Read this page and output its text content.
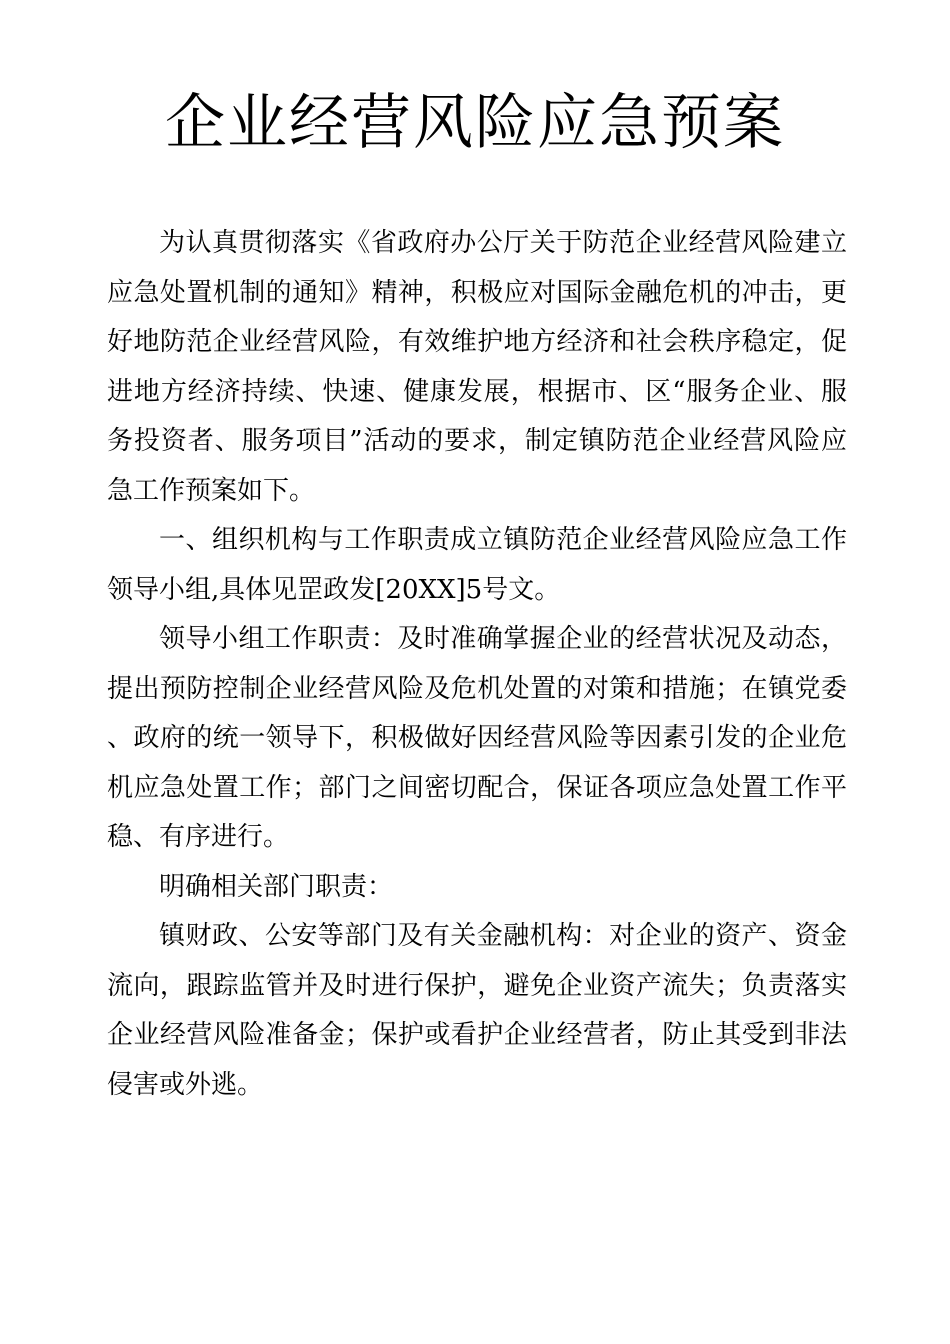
企业经营风险应急预案

为认真贯彻落实《省政府办公厅关于防范企业经营风险建立应急处置机制的通知》精神，积极应对国际金融危机的冲击，更好地防范企业经营风险，有效维护地方经济和社会秩序稳定，促进地方经济持续、快速、健康发展，根据市、区“服务企业、服务投资者、服务项目”活动的要求，制定镇防范企业经营风险应急工作预案如下。

一、组织机构与工作职责成立镇防范企业经营风险应急工作领导小组,具体见罡政发[20XX]5号文。

领导小组工作职责：及时准确掌握企业的经营状况及动态，提出预防控制企业经营风险及危机处置的对策和措施；在镇党委、政府的统一领导下，积极做好因经营风险等因素引发的企业危机应急处置工作；部门之间密切配合，保证各项应急处置工作平稳、有序进行。

明确相关部门职责：

镇财政、公安等部门及有关金融机构：对企业的资产、资金流向，跟踪监管并及时进行保护，避免企业资产流失；负责落实企业经营风险准备金；保护或看护企业经营者，防止其受到非法侵害或外逃。
